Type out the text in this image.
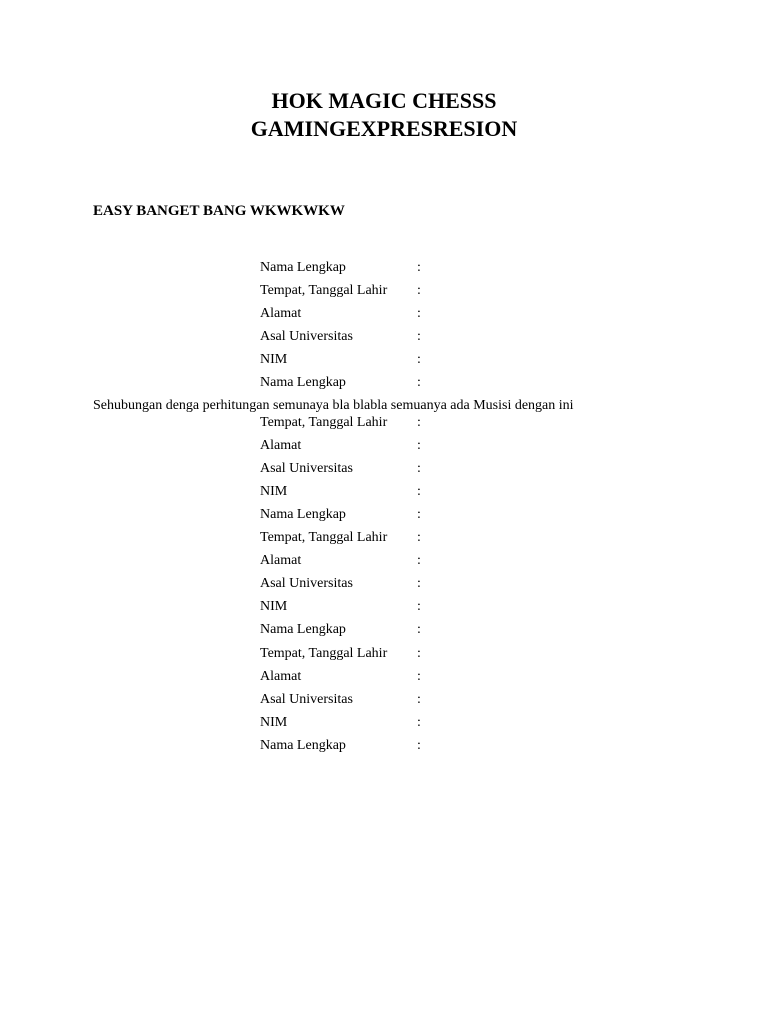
HOK MAGIC CHESSS
GAMINGEXPRESRESION
EASY BANGET BANG WKWKWKW
Sehubungan denga perhitungan semunaya bla blabla semuanya ada Musisi dengan ini
Nama Lengkap	:
Tempat, Tanggal Lahir :
Alamat	:
Asal Universitas	:
NIM	:
Nama Lengkap	:
Tempat, Tanggal Lahir :
Alamat	:
Asal Universitas	:
NIM	:
Nama Lengkap	:
Tempat, Tanggal Lahir :
Alamat	:
Asal Universitas	:
NIM	:
Nama Lengkap	:
Tempat, Tanggal Lahir :
Alamat	:
Asal Universitas	:
NIM	:
Nama Lengkap	:
